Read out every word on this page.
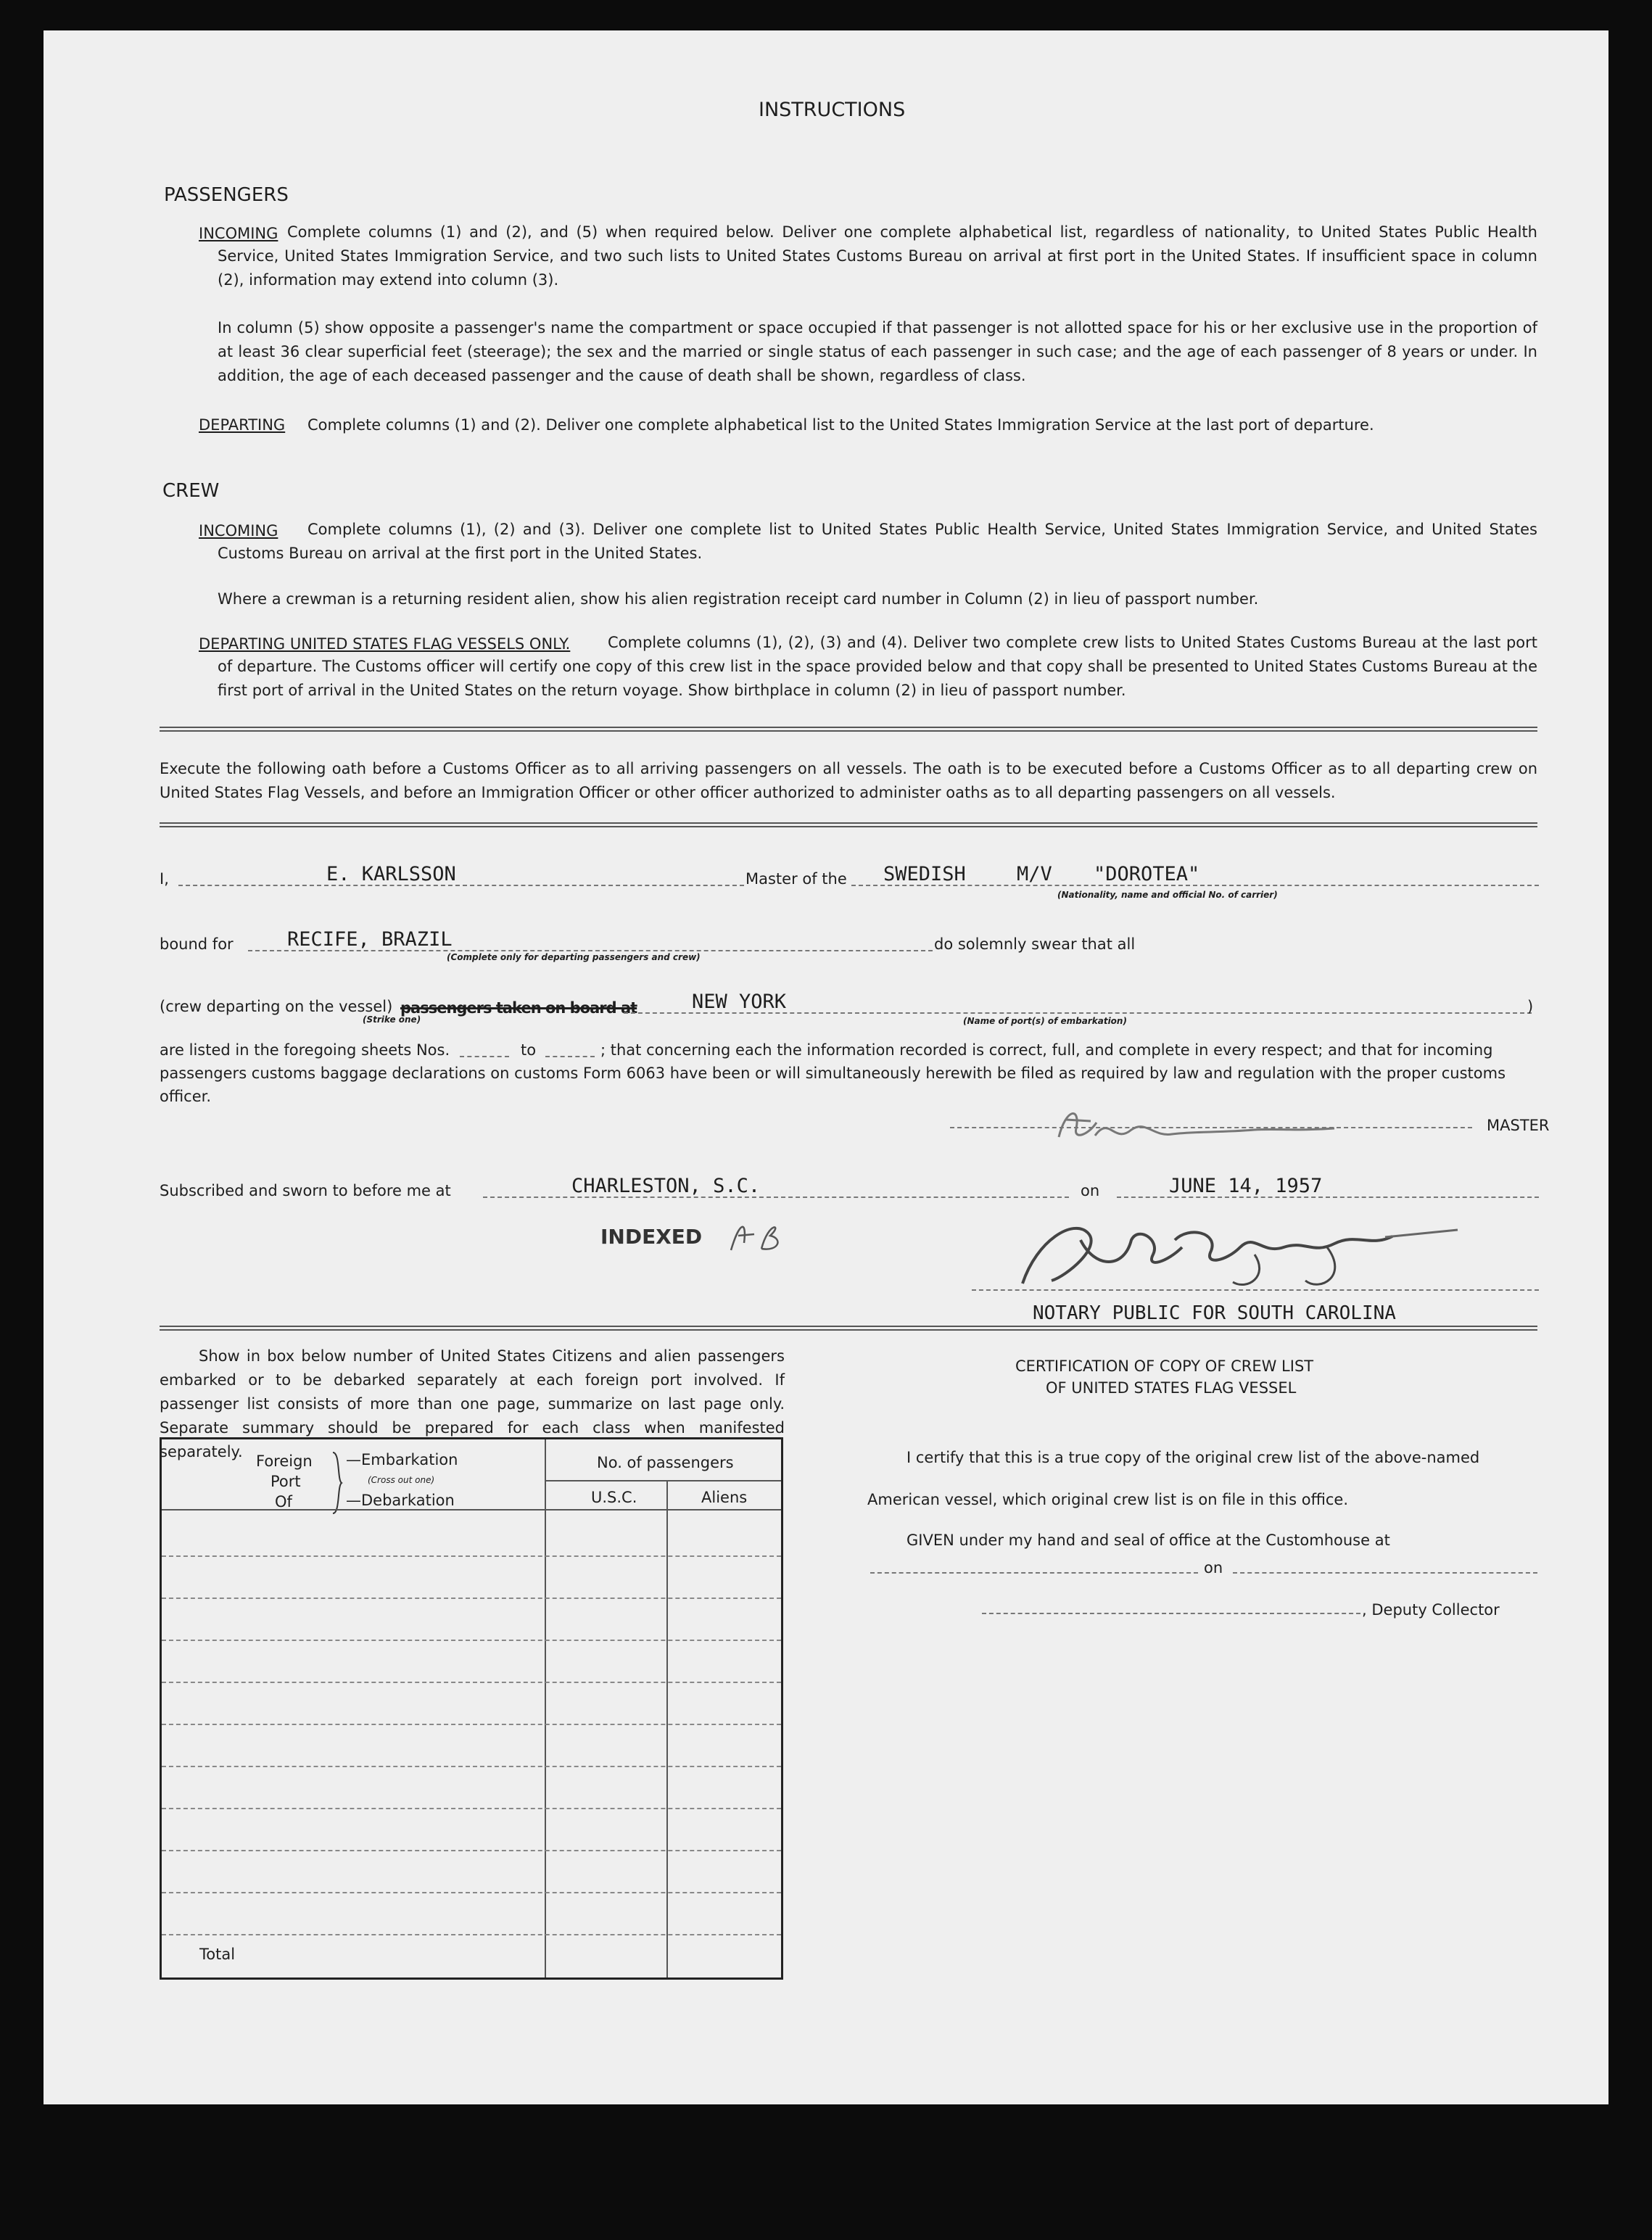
INSTRUCTIONS
PASSENGERS
INCOMING Complete columns (1) and (2), and (5) when required below. Deliver one complete alphabetical list, regardless of nationality, to United States Public Health Service, United States Immigration Service, and two such lists to United States Customs Bureau on arrival at first port in the United States. If insufficient space in column (2), information may extend into column (3).
In column (5) show opposite a passenger's name the compartment or space occupied if that passenger is not allotted space for his or her exclusive use in the proportion of at least 36 clear superficial feet (steerage); the sex and the married or single status of each passenger in such case; and the age of each passenger of 8 years or under. In addition, the age of each deceased passenger and the cause of death shall be shown, regardless of class.
DEPARTING Complete columns (1) and (2). Deliver one complete alphabetical list to the United States Immigration Service at the last port of departure.
CREW
INCOMING	Complete columns (1), (2) and (3). Deliver one complete list to United States Public Health Service, United States Immigration Service, and United States Customs Bureau on arrival at the first port in the United States.
Where a crewman is a returning resident alien, show his alien registration receipt card number in Column (2) in lieu of passport number.
DEPARTING UNITED STATES FLAG VESSELS ONLY.	Complete columns (1), (2), (3) and (4). Deliver two complete crew lists to United States Customs Bureau at the last port of departure. The Customs officer will certify one copy of this crew list in the space provided below and that copy shall be presented to United States Customs Bureau at the first port of arrival in the United States on the return voyage. Show birthplace in column (2) in lieu of passport number.
Execute the following oath before a Customs Officer as to all arriving passengers on all vessels. The oath is to be executed before a Customs Officer as to all departing crew on United States Flag Vessels, and before an Immigration Officer or other officer authorized to administer oaths as to all departing passengers on all vessels.
I,	E. KARLSSON	Master of the SWEDISH	M/V "DOROTEA"
(Nationality, name and official No. of carrier)
bound for	RECIFE, BRAZIL
(Complete only for departing passengers and crew)
do solemnly swear that all
(crew departing on the vessel) passengers taken on board at
(Strike one)
NEW YORK
(Name of port(s) of embarkation)
)
are listed in the foregoing sheets Nos.	to	; that concerning each the information recorded is correct, full, and complete in every respect; and that for incoming
passengers customs baggage declarations on customs Form 6063 have been or will simultaneously herewith be filed as required by law and regulation with the proper customs
officer.
MASTER
Subscribed and sworn to before me at	CHARLESTON, S.C.	on	JUNE 14, 1957
INDEXED
NOTARY PUBLIC FOR SOUTH CAROLINA
Show in box below number of United States Citizens and alien passengers embarked or to be debarked separately at each foreign port involved. If passenger list consists of more than one page, summarize on last page only. Separate summary should be prepared for each class when manifested separately.
Foreign
Port
Of
—Embarkation
(Cross out one)
—Debarkation
No. of passengers
U.S.C.	Aliens
Total
CERTIFICATION OF COPY OF CREW LIST
OF UNITED STATES FLAG VESSEL
I certify that this is a true copy of the original crew list of the above-named
American vessel, which original crew list is on file in this office.
GIVEN under my hand and seal of office at the Customhouse at
on
, Deputy Collector
